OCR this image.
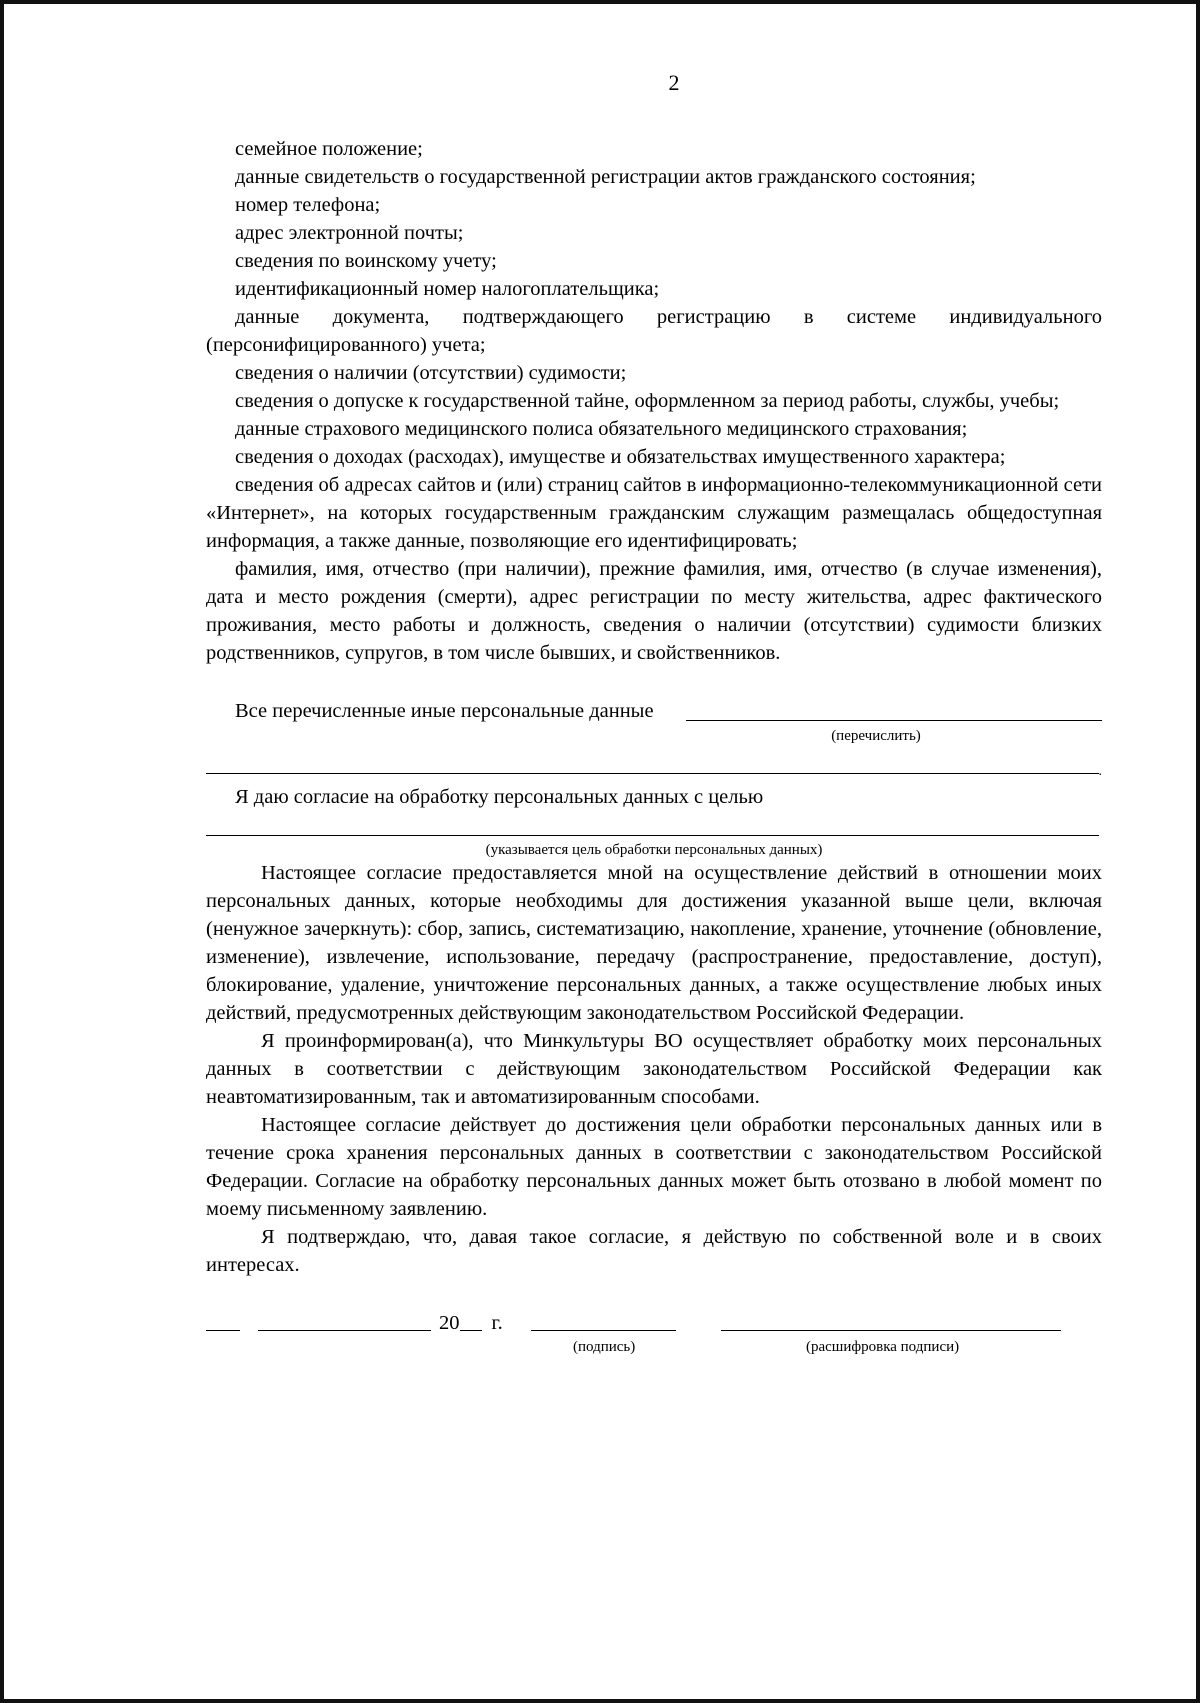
2

семейное положение;

данные свидетельств о государственной регистрации актов гражданского состояния;

номер телефона;

адрес электронной почты;

сведения по воинскому учету;

идентификационный номер налогоплательщика;

данные документа, подтверждающего регистрацию в системе индивидуального (персонифицированного) учета;

сведения о наличии (отсутствии) судимости;

сведения о допуске к государственной тайне, оформленном за период работы, службы, учебы;

данные страхового медицинского полиса обязательного медицинского страхования;

сведения о доходах (расходах), имуществе и обязательствах имущественного характера;

сведения об адресах сайтов и (или) страниц сайтов в информационно-телекоммуникационной сети «Интернет», на которых государственным гражданским служащим размещалась общедоступная информация, а также данные, позволяющие его идентифицировать;

фамилия, имя, отчество (при наличии), прежние фамилия, имя, отчество (в случае изменения), дата и место рождения (смерти), адрес регистрации по месту жительства, адрес фактического проживания, место работы и должность, сведения о наличии (отсутствии) судимости близких родственников, супругов, в том числе бывших, и свойственников.

Все перечисленные иные персональные данные
(перечислить)
.
Я даю согласие на обработку персональных данных с целью
(указывается цель обработки персональных данных)

Настоящее согласие предоставляется мной на осуществление действий в отношении моих персональных данных, которые необходимы для достижения указанной выше цели, включая (ненужное зачеркнуть): сбор, запись, систематизацию, накопление, хранение, уточнение (обновление, изменение), извлечение, использование, передачу (распространение, предоставление, доступ), блокирование, удаление, уничтожение персональных данных, а также осуществление любых иных действий, предусмотренных действующим законодательством Российской Федерации.

Я проинформирован(а), что Минкультуры ВО осуществляет обработку моих персональных данных в соответствии с действующим законодательством Российской Федерации как неавтоматизированным, так и автоматизированным способами.

Настоящее согласие действует до достижения цели обработки персональных данных или в течение срока хранения персональных данных в соответствии с законодательством Российской Федерации. Согласие на обработку персональных данных может быть отозвано в любой момент по моему письменному заявлению.

Я подтверждаю, что, давая такое согласие, я действую по собственной воле и в своих интересах.

20 г.
(подпись)	(расшифровка подписи)
